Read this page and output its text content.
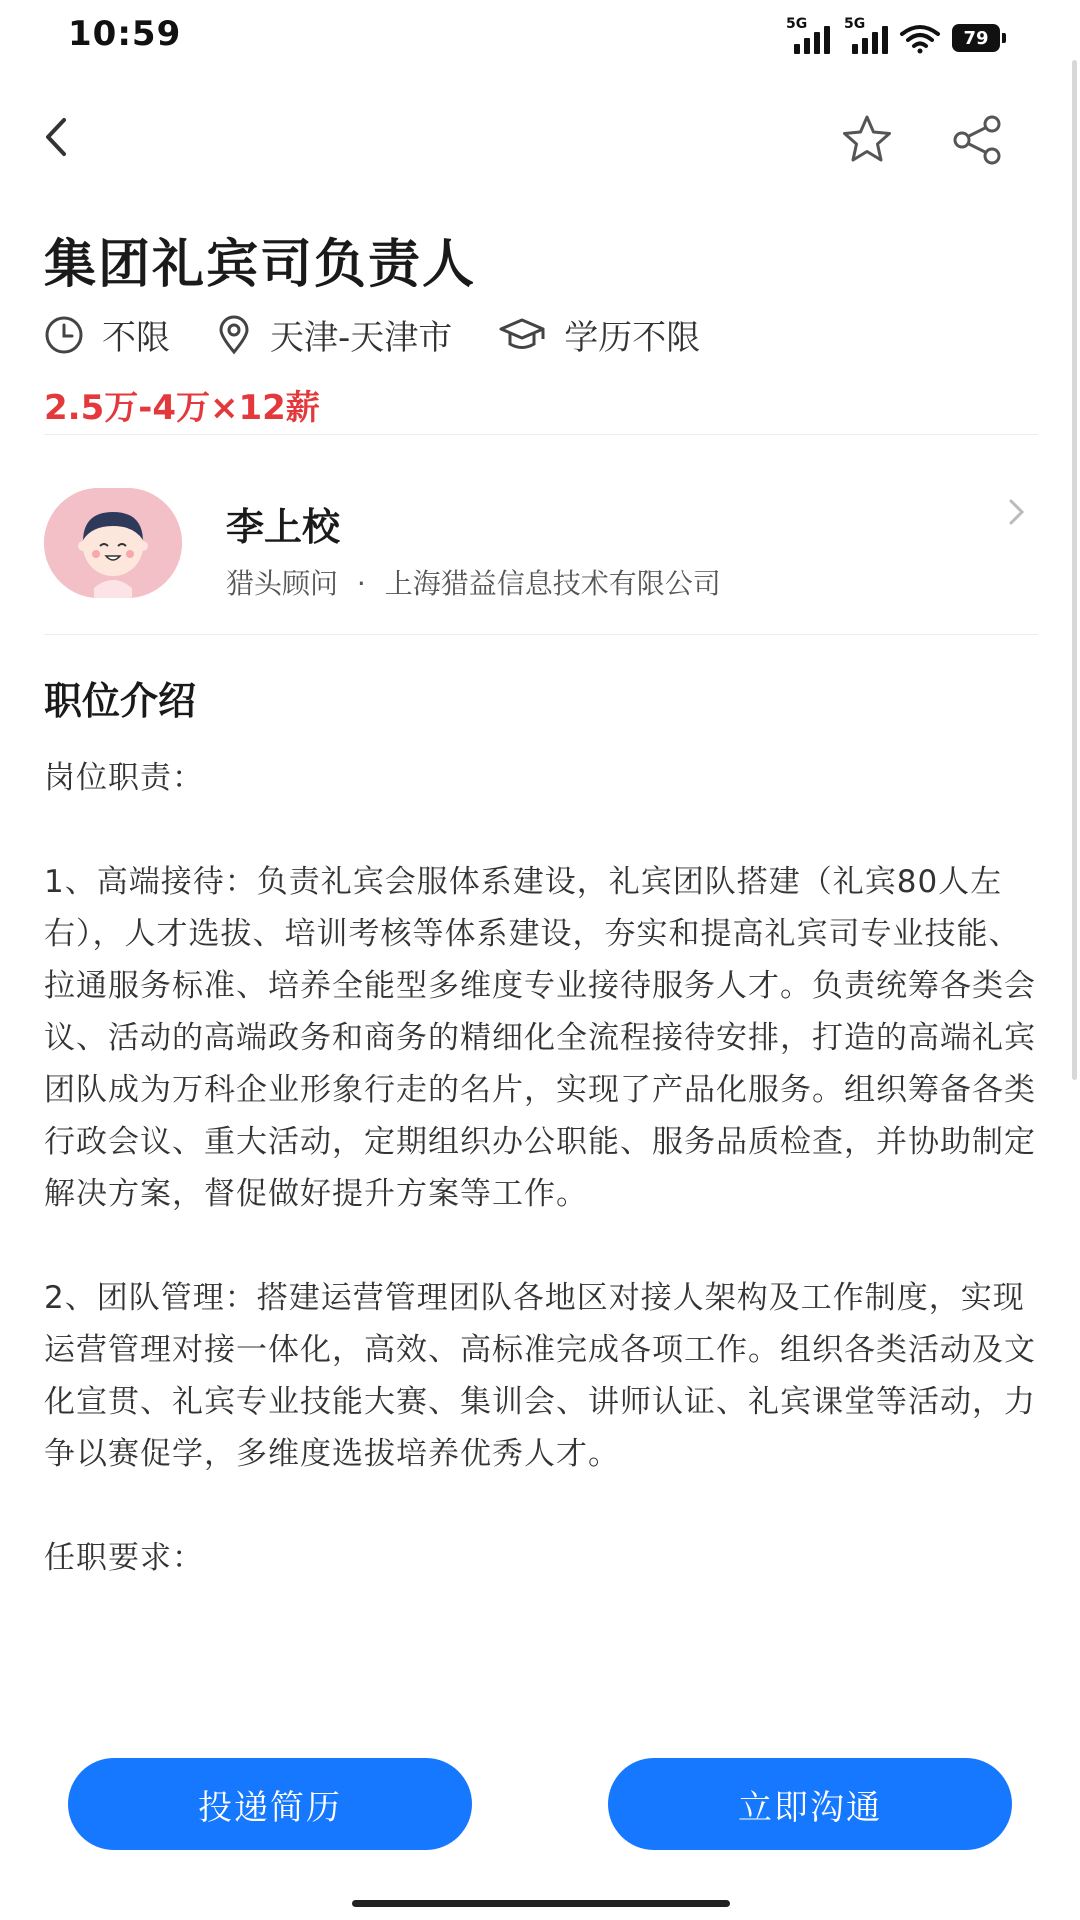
10:59	5G	5G
79
集团礼宾司负责人
不限	天津-天津市	学历不限
2.5万-4万×12薪
李上校
猎头顾问 · 上海猎益信息技术有限公司
职位介绍

岗位职责：

1、高端接待：负责礼宾会服体系建设，礼宾团队搭建（礼宾80人左右），人才选拔、培训考核等体系建设，夯实和提高礼宾司专业技能、拉通服务标准、培养全能型多维度专业接待服务人才。负责统筹各类会议、活动的高端政务和商务的精细化全流程接待安排，打造的高端礼宾团队成为万科企业形象行走的名片，实现了产品化服务。组织筹备各类行政会议、重大活动，定期组织办公职能、服务品质检查，并协助制定解决方案，督促做好提升方案等工作。

2、团队管理：搭建运营管理团队各地区对接人架构及工作制度，实现运营管理对接一体化，高效、高标准完成各项工作。组织各类活动及文化宣贯、礼宾专业技能大赛、集训会、讲师认证、礼宾课堂等活动，力争以赛促学，多维度选拔培养优秀人才。

任职要求：

投递简历	立即沟通
